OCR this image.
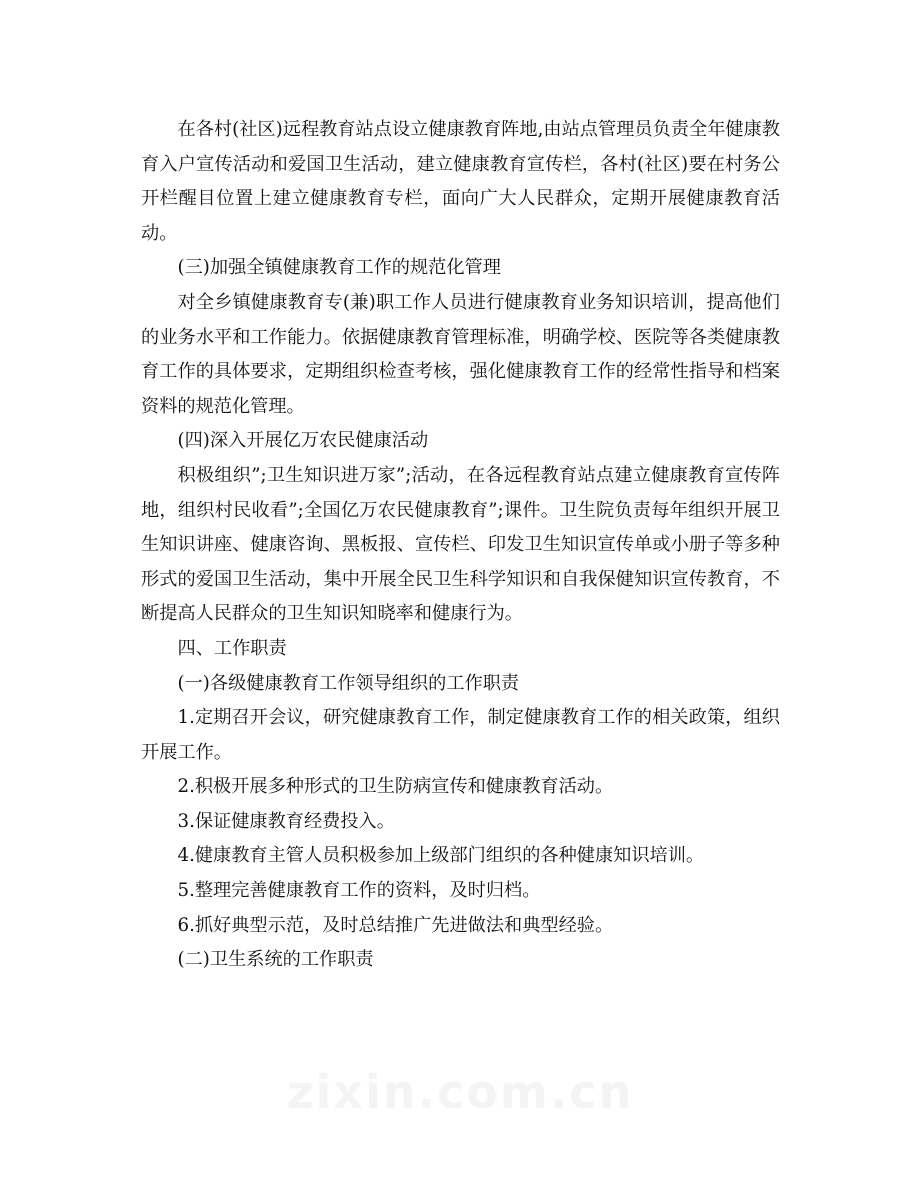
在各村(社区)远程教育站点设立健康教育阵地,由站点管理员负责全年健康教育入户宣传活动和爱国卫生活动，建立健康教育宣传栏，各村(社区)要在村务公开栏醒目位置上建立健康教育专栏，面向广大人民群众，定期开展健康教育活动。

(三)加强全镇健康教育工作的规范化管理

对全乡镇健康教育专(兼)职工作人员进行健康教育业务知识培训，提高他们的业务水平和工作能力。依据健康教育管理标准，明确学校、医院等各类健康教育工作的具体要求，定期组织检查考核，强化健康教育工作的经常性指导和档案资料的规范化管理。

(四)深入开展亿万农民健康活动

积极组织”;卫生知识进万家”;活动，在各远程教育站点建立健康教育宣传阵地，组织村民收看”;全国亿万农民健康教育”;课件。卫生院负责每年组织开展卫生知识讲座、健康咨询、黑板报、宣传栏、印发卫生知识宣传单或小册子等多种形式的爱国卫生活动，集中开展全民卫生科学知识和自我保健知识宣传教育，不断提高人民群众的卫生知识知晓率和健康行为。

四、工作职责

(一)各级健康教育工作领导组织的工作职责

1.定期召开会议，研究健康教育工作，制定健康教育工作的相关政策，组织开展工作。

2.积极开展多种形式的卫生防病宣传和健康教育活动。

3.保证健康教育经费投入。

4.健康教育主管人员积极参加上级部门组织的各种健康知识培训。

5.整理完善健康教育工作的资料，及时归档。

6.抓好典型示范，及时总结推广先进做法和典型经验。

(二)卫生系统的工作职责

zixin.com.cn
